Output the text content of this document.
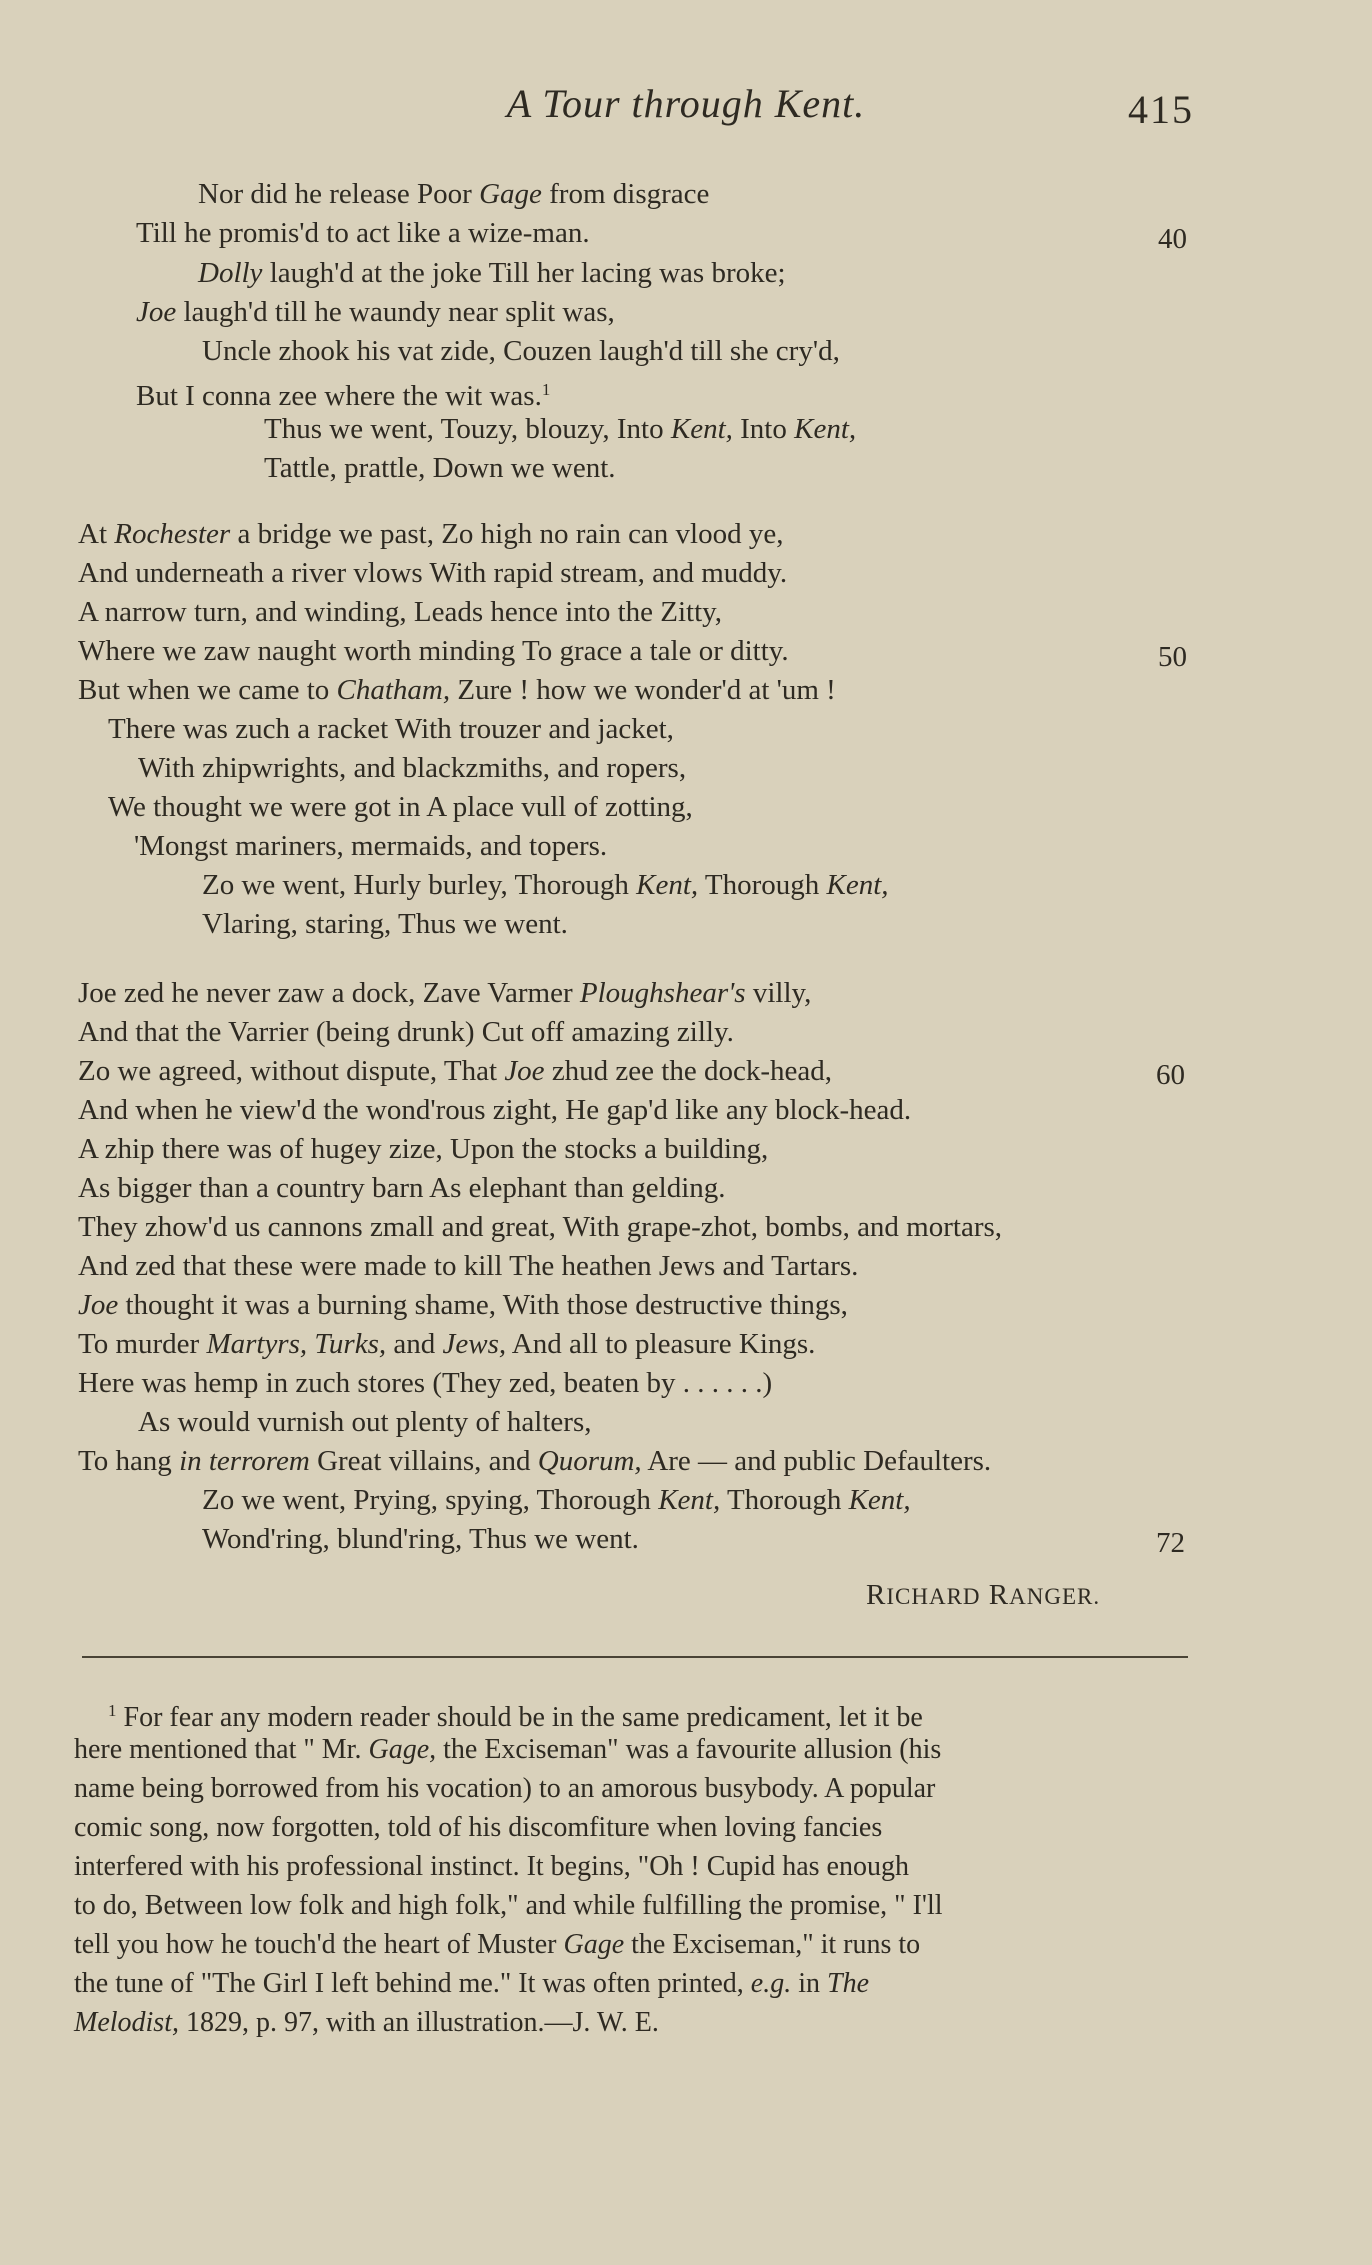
A Tour through Kent.	415
Nor did he release Poor Gage from disgrace
Till he promis'd to act like a wize-man.	40
Dolly laugh'd at the joke Till her lacing was broke;
Joe laugh'd till he waundy near split was,
Uncle zhook his vat zide, Couzen laugh'd till she cry'd,
But I conna zee where the wit was.$^1$
Thus we went, Touzy, blouzy, Into Kent, Into Kent,
Tattle, prattle, Down we went.
At Rochester a bridge we past, Zo high no rain can vlood ye,
And underneath a river vlows With rapid stream, and muddy.
A narrow turn, and winding, Leads hence into the Zitty,
Where we zaw naught worth minding To grace a tale or ditty.	50
But when we came to Chatham, Zure ! how we wonder'd at 'um !
There was zuch a racket With trouzer and jacket,
With zhipwrights, and blackzmiths, and ropers,
We thought we were got in A place vull of zotting,
'Mongst mariners, mermaids, and topers.
Zo we went, Hurly burley, Thorough Kent, Thorough Kent,
Vlaring, staring, Thus we went.
Joe zed he never zaw a dock, Zave Varmer Ploughshear's villy,
And that the Varrier (being drunk) Cut off amazing zilly.
Zo we agreed, without dispute, That Joe zhud zee the dock-head,	60
And when he view'd the wond'rous zight, He gap'd like any block-head.
A zhip there was of hugey zize, Upon the stocks a building,
As bigger than a country barn As elephant than gelding.
They zhow'd us cannons zmall and great, With grape-zhot, bombs, and mortars,
And zed that these were made to kill The heathen Jews and Tartars.
Joe thought it was a burning shame, With those destructive things,
To murder Martyrs, Turks, and Jews, And all to pleasure Kings.
Here was hemp in zuch stores (They zed, beaten by . . . . . .)
As would vurnish out plenty of halters,
To hang in terrorem Great villains, and Quorum, Are — and public Defaulters.
Zo we went, Prying, spying, Thorough Kent, Thorough Kent,
Wond'ring, blund'ring, Thus we went.	72
RICHARD RANGER.
$^1$ For fear any modern reader should be in the same predicament, let it be
here mentioned that " Mr. Gage, the Exciseman" was a favourite allusion (his
name being borrowed from his vocation) to an amorous busybody. A popular
comic song, now forgotten, told of his discomfiture when loving fancies
interfered with his professional instinct. It begins, "Oh ! Cupid has enough
to do, Between low folk and high folk," and while fulfilling the promise, " I'll
tell you how he touch'd the heart of Muster Gage the Exciseman," it runs to
the tune of "The Girl I left behind me." It was often printed, e.g. in The
Melodist, 1829, p. 97, with an illustration.—J. W. E.
